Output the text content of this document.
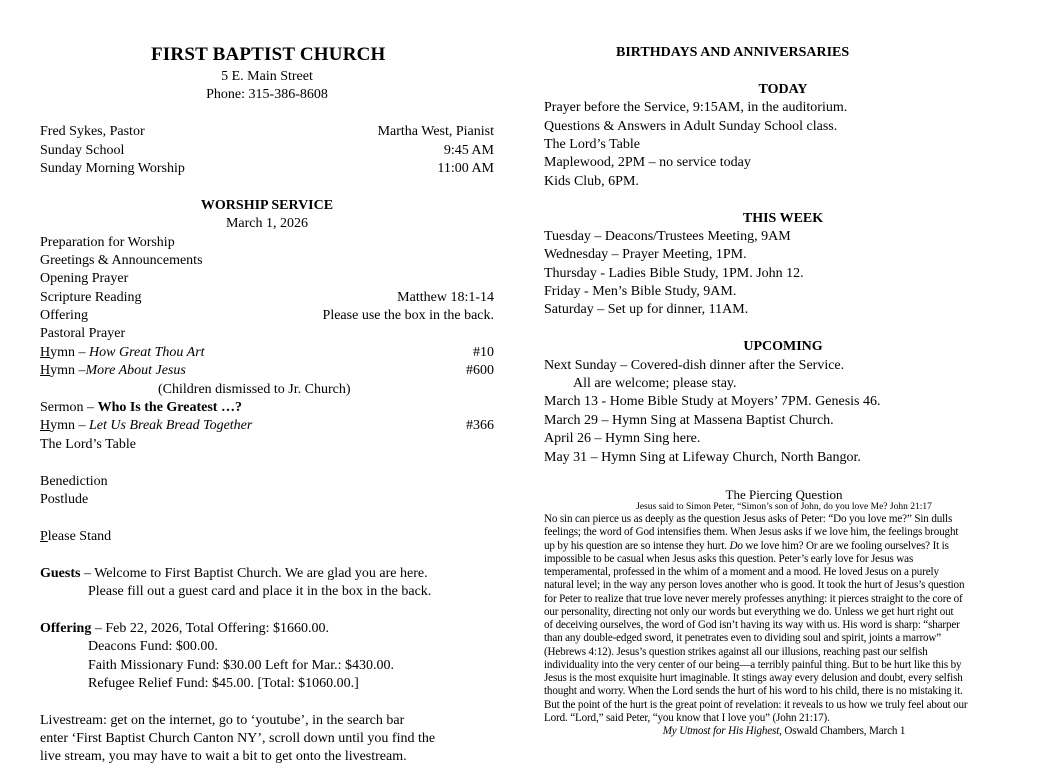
FIRST BAPTIST CHURCH
5 E. Main Street
Phone: 315-386-8608
Fred Sykes, Pastor	Martha West, Pianist
Sunday School	9:45 AM
Sunday Morning Worship	11:00 AM
WORSHIP SERVICE
March 1, 2026
Preparation for Worship
Greetings & Announcements
Opening Prayer
Scripture Reading	Matthew 18:1-14
Offering	Please use the box in the back.
Pastoral Prayer
Hymn – How Great Thou Art	#10
Hymn –More About Jesus	#600
(Children dismissed to Jr. Church)
Sermon – Who Is the Greatest …?
Hymn – Let Us Break Bread Together	#366
The Lord’s Table
Benediction
Postlude
Please Stand
Guests – Welcome to First Baptist Church. We are glad you are here.
Please fill out a guest card and place it in the box in the back.
Offering – Feb 22, 2026, Total Offering: $1660.00.
Deacons Fund: $00.00.
Faith Missionary Fund: $30.00 Left for Mar.: $430.00.
Refugee Relief Fund: $45.00. [Total: $1060.00.]
Livestream: get on the internet, go to ‘youtube’, in the search bar
enter ‘First Baptist Church Canton NY’, scroll down until you find the
live stream, you may have to wait a bit to get onto the livestream.
BIRTHDAYS AND ANNIVERSARIES
TODAY
Prayer before the Service, 9:15AM, in the auditorium.
Questions & Answers in Adult Sunday School class.
The Lord’s Table
Maplewood, 2PM – no service today
Kids Club, 6PM.
THIS WEEK
Tuesday – Deacons/Trustees Meeting, 9AM
Wednesday – Prayer Meeting, 1PM.
Thursday - Ladies Bible Study, 1PM. John 12.
Friday - Men’s Bible Study, 9AM.
Saturday – Set up for dinner, 11AM.
UPCOMING
Next Sunday – Covered-dish dinner after the Service.
All are welcome; please stay.
March 13 - Home Bible Study at Moyers’ 7PM. Genesis 46.
March 29 – Hymn Sing at Massena Baptist Church.
April 26 – Hymn Sing here.
May 31 – Hymn Sing at Lifeway Church, North Bangor.
The Piercing Question
Jesus said to Simon Peter, “Simon’s son of John, do you love Me? John 21:17
No sin can pierce us as deeply as the question Jesus asks of Peter: “Do you love me?” Sin dulls
feelings; the word of God intensifies them. When Jesus asks if we love him, the feelings brought
up by his question are so intense they hurt. Do we love him? Or are we fooling ourselves? It is
impossible to be casual when Jesus asks this question. Peter’s early love for Jesus was
temperamental, professed in the whim of a moment and a mood. He loved Jesus on a purely
natural level; in the way any person loves another who is good. It took the hurt of Jesus’s question
for Peter to realize that true love never merely professes anything: it pierces straight to the core of
our personality, directing not only our words but everything we do. Unless we get hurt right out
of deceiving ourselves, the word of God isn’t having its way with us. His word is sharp: “sharper
than any double-edged sword, it penetrates even to dividing soul and spirit, joints a marrow”
(Hebrews 4:12). Jesus’s question strikes against all our illusions, reaching past our selfish
individuality into the very center of our being—a terribly painful thing. But to be hurt like this by
Jesus is the most exquisite hurt imaginable. It stings away every delusion and doubt, every selfish
thought and worry. When the Lord sends the hurt of his word to his child, there is no mistaking it.
But the point of the hurt is the great point of revelation: it reveals to us how we truly feel about our
Lord. “Lord,” said Peter, “you know that I love you” (John 21:17).
My Utmost for His Highest, Oswald Chambers, March 1
